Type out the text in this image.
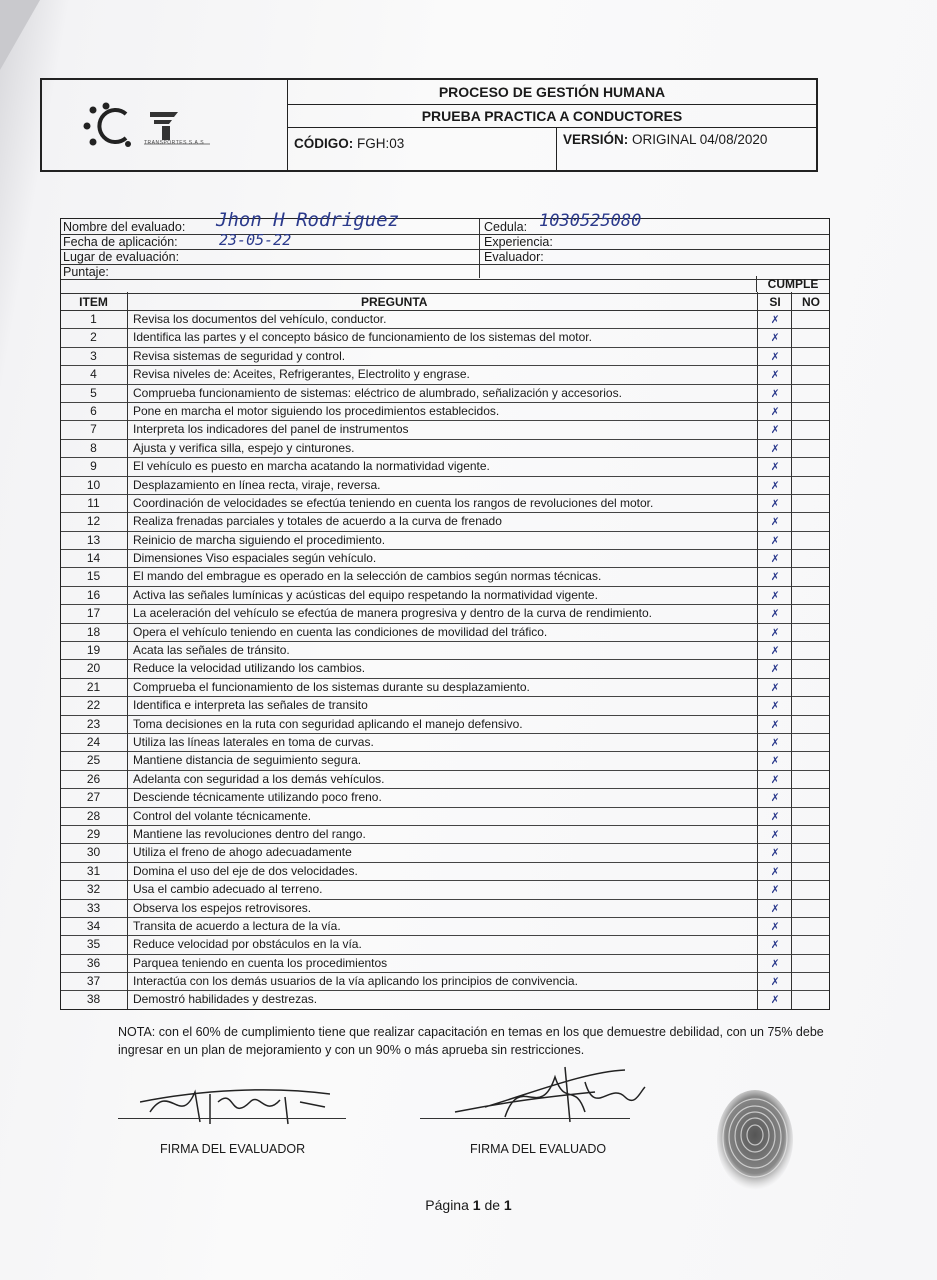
TRANSPORTES S.A.S
PROCESO DE GESTIÓN HUMANA
PRUEBA PRACTICA A CONDUCTORES
CÓDIGO: FGH:03	VERSIÓN: ORIGINAL 04/08/2020
Nombre del evaluado: Jhon H Rodriguez
Fecha de aplicación:	23-05-22
Lugar de evaluación:
Puntaje:
Cedula: 1030525080
Experiencia:
Evaluador:
CUMPLE
ITEM	PREGUNTA	SI	NO
1	Revisa los documentos del vehículo, conductor.	✗
2	Identifica las partes y el concepto básico de funcionamiento de los sistemas del motor.	✗
3	Revisa sistemas de seguridad y control.	✗
4	Revisa niveles de: Aceites, Refrigerantes, Electrolito y engrase.	✗
5	Comprueba funcionamiento de sistemas: eléctrico de alumbrado, señalización y accesorios.	✗
6	Pone en marcha el motor siguiendo los procedimientos establecidos.	✗
7	Interpreta los indicadores del panel de instrumentos	✗
8	Ajusta y verifica silla, espejo y cinturones.	✗
9	El vehículo es puesto en marcha acatando la normatividad vigente.	✗
10	Desplazamiento en línea recta, viraje, reversa.	✗
11	Coordinación de velocidades se efectúa teniendo en cuenta los rangos de revoluciones del motor.	✗
12	Realiza frenadas parciales y totales de acuerdo a la curva de frenado	✗
13	Reinicio de marcha siguiendo el procedimiento.	✗
14	Dimensiones Viso espaciales según vehículo.	✗
15	El mando del embrague es operado en la selección de cambios según normas técnicas.	✗
16	Activa las señales lumínicas y acústicas del equipo respetando la normatividad vigente.	✗
17	La aceleración del vehículo se efectúa de manera progresiva y dentro de la curva de rendimiento.	✗
18	Opera el vehículo teniendo en cuenta las condiciones de movilidad del tráfico.	✗
19	Acata las señales de tránsito.	✗
20	Reduce la velocidad utilizando los cambios.	✗
21	Comprueba el funcionamiento de los sistemas durante su desplazamiento.	✗
22	Identifica e interpreta las señales de transito	✗
23	Toma decisiones en la ruta con seguridad aplicando el manejo defensivo.	✗
24	Utiliza las líneas laterales en toma de curvas.	✗
25	Mantiene distancia de seguimiento segura.	✗
26	Adelanta con seguridad a los demás vehículos.	✗
27	Desciende técnicamente utilizando poco freno.	✗
28	Control del volante técnicamente.	✗
29	Mantiene las revoluciones dentro del rango.	✗
30	Utiliza el freno de ahogo adecuadamente	✗
31	Domina el uso del eje de dos velocidades.	✗
32	Usa el cambio adecuado al terreno.	✗
33	Observa los espejos retrovisores.	✗
34	Transita de acuerdo a lectura de la vía.	✗
35	Reduce velocidad por obstáculos en la vía.	✗
36	Parquea teniendo en cuenta los procedimientos	✗
37	Interactúa con los demás usuarios de la vía aplicando los principios de convivencia.	✗
38	Demostró habilidades y destrezas.	✗
NOTA: con el 60% de cumplimiento tiene que realizar capacitación en temas en los que demuestre debilidad, con un 75% debe ingresar en un plan de mejoramiento y con un 90% o más aprueba sin restricciones.
FIRMA DEL EVALUADOR	FIRMA DEL EVALUADO
Página 1 de 1
